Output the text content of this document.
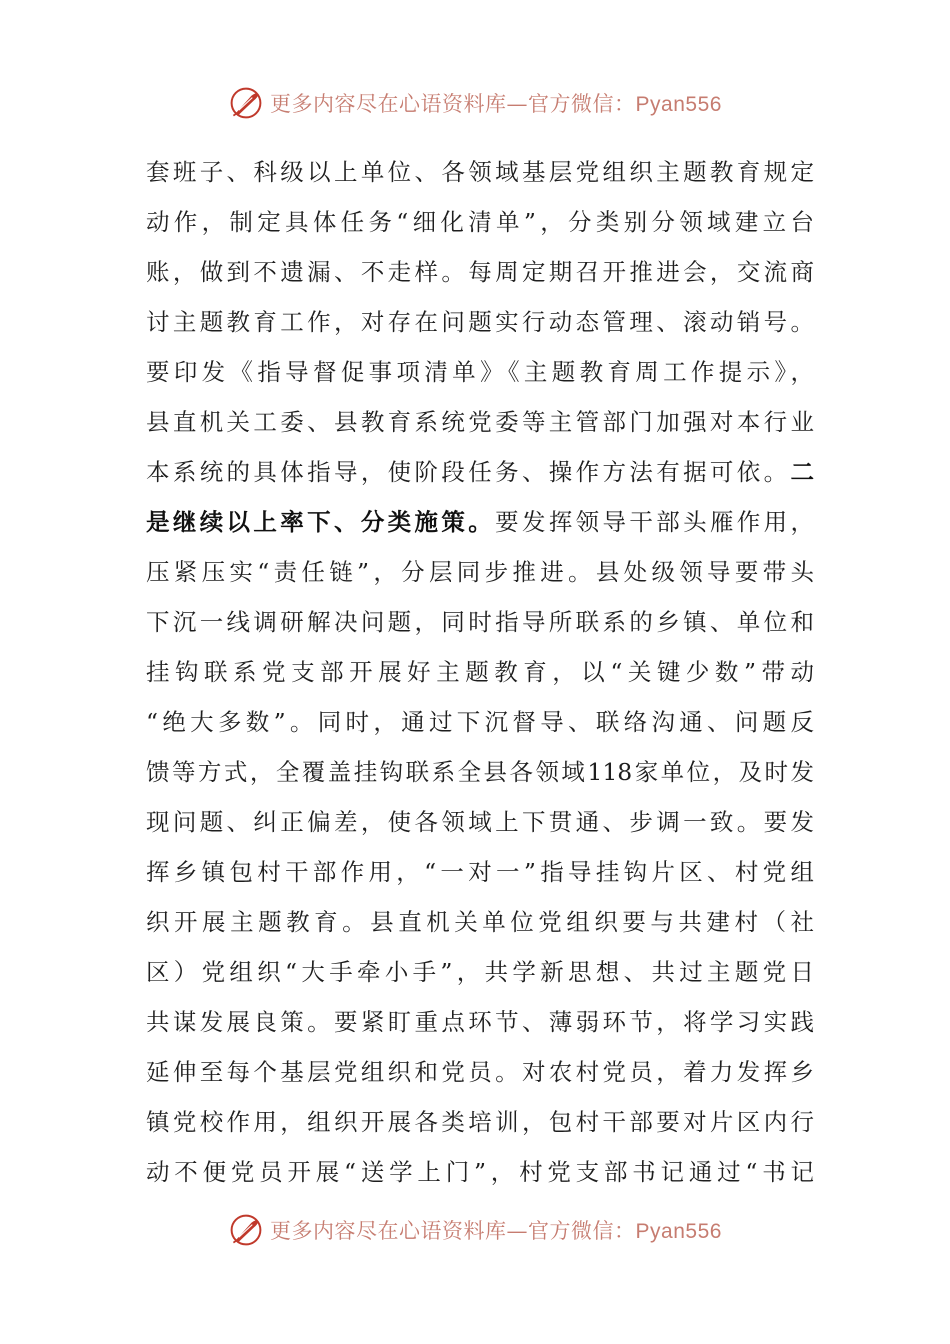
更多内容尽在心语资料库—官方微信：Pyan556
套班子、科级以上单位、各领域基层党组织主题教育规定
动作，制定具体任务“细化清单”，分类别分领域建立台
账，做到不遗漏、不走样。每周定期召开推进会，交流商
讨主题教育工作，对存在问题实行动态管理、滚动销号。
要印发《指导督促事项清单》《主题教育周工作提示》，
县直机关工委、县教育系统党委等主管部门加强对本行业
本系统的具体指导，使阶段任务、操作方法有据可依。二
是继续以上率下、分类施策。要发挥领导干部头雁作用，
压紧压实“责任链”，分层同步推进。县处级领导要带头
下沉一线调研解决问题，同时指导所联系的乡镇、单位和
挂钩联系党支部开展好主题教育，以“关键少数”带动
“绝大多数”。同时，通过下沉督导、联络沟通、问题反
馈等方式，全覆盖挂钩联系全县各领域118家单位，及时发
现问题、纠正偏差，使各领域上下贯通、步调一致。要发
挥乡镇包村干部作用，“一对一”指导挂钩片区、村党组
织开展主题教育。县直机关单位党组织要与共建村（社
区）党组织“大手牵小手”，共学新思想、共过主题党日
共谋发展良策。要紧盯重点环节、薄弱环节，将学习实践
延伸至每个基层党组织和党员。对农村党员，着力发挥乡
镇党校作用，组织开展各类培训，包村干部要对片区内行
动不便党员开展“送学上门”，村党支部书记通过“书记
更多内容尽在心语资料库—官方微信：Pyan556
